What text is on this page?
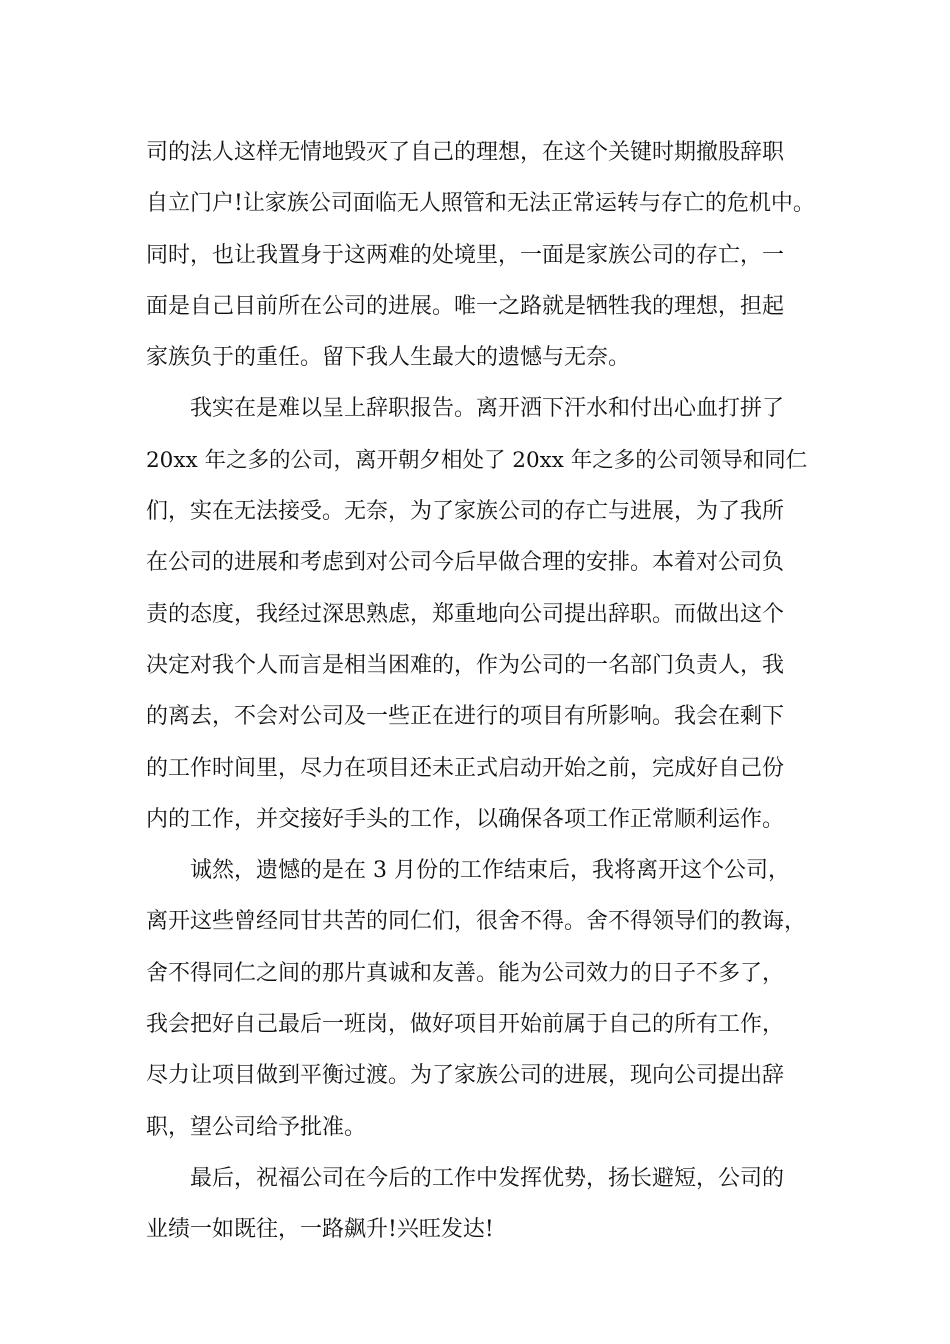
司的法人这样无情地毁灭了自己的理想，在这个关键时期撤股辞职
自立门户!让家族公司面临无人照管和无法正常运转与存亡的危机中。
同时，也让我置身于这两难的处境里，一面是家族公司的存亡，一
面是自己目前所在公司的进展。唯一之路就是牺牲我的理想，担起
家族负于的重任。留下我人生最大的遗憾与无奈。
我实在是难以呈上辞职报告。离开洒下汗水和付出心血打拼了
20xx 年之多的公司，离开朝夕相处了 20xx 年之多的公司领导和同仁
们，实在无法接受。无奈，为了家族公司的存亡与进展，为了我所
在公司的进展和考虑到对公司今后早做合理的安排。本着对公司负
责的态度，我经过深思熟虑，郑重地向公司提出辞职。而做出这个
决定对我个人而言是相当困难的，作为公司的一名部门负责人，我
的离去，不会对公司及一些正在进行的项目有所影响。我会在剩下
的工作时间里，尽力在项目还未正式启动开始之前，完成好自己份
内的工作，并交接好手头的工作，以确保各项工作正常顺利运作。
诚然，遗憾的是在 3 月份的工作结束后，我将离开这个公司，
离开这些曾经同甘共苦的同仁们，很舍不得。舍不得领导们的教诲，
舍不得同仁之间的那片真诚和友善。能为公司效力的日子不多了，
我会把好自己最后一班岗，做好项目开始前属于自己的所有工作，
尽力让项目做到平衡过渡。为了家族公司的进展，现向公司提出辞
职，望公司给予批准。
最后，祝福公司在今后的工作中发挥优势，扬长避短，公司的
业绩一如既往，一路飙升!兴旺发达!
